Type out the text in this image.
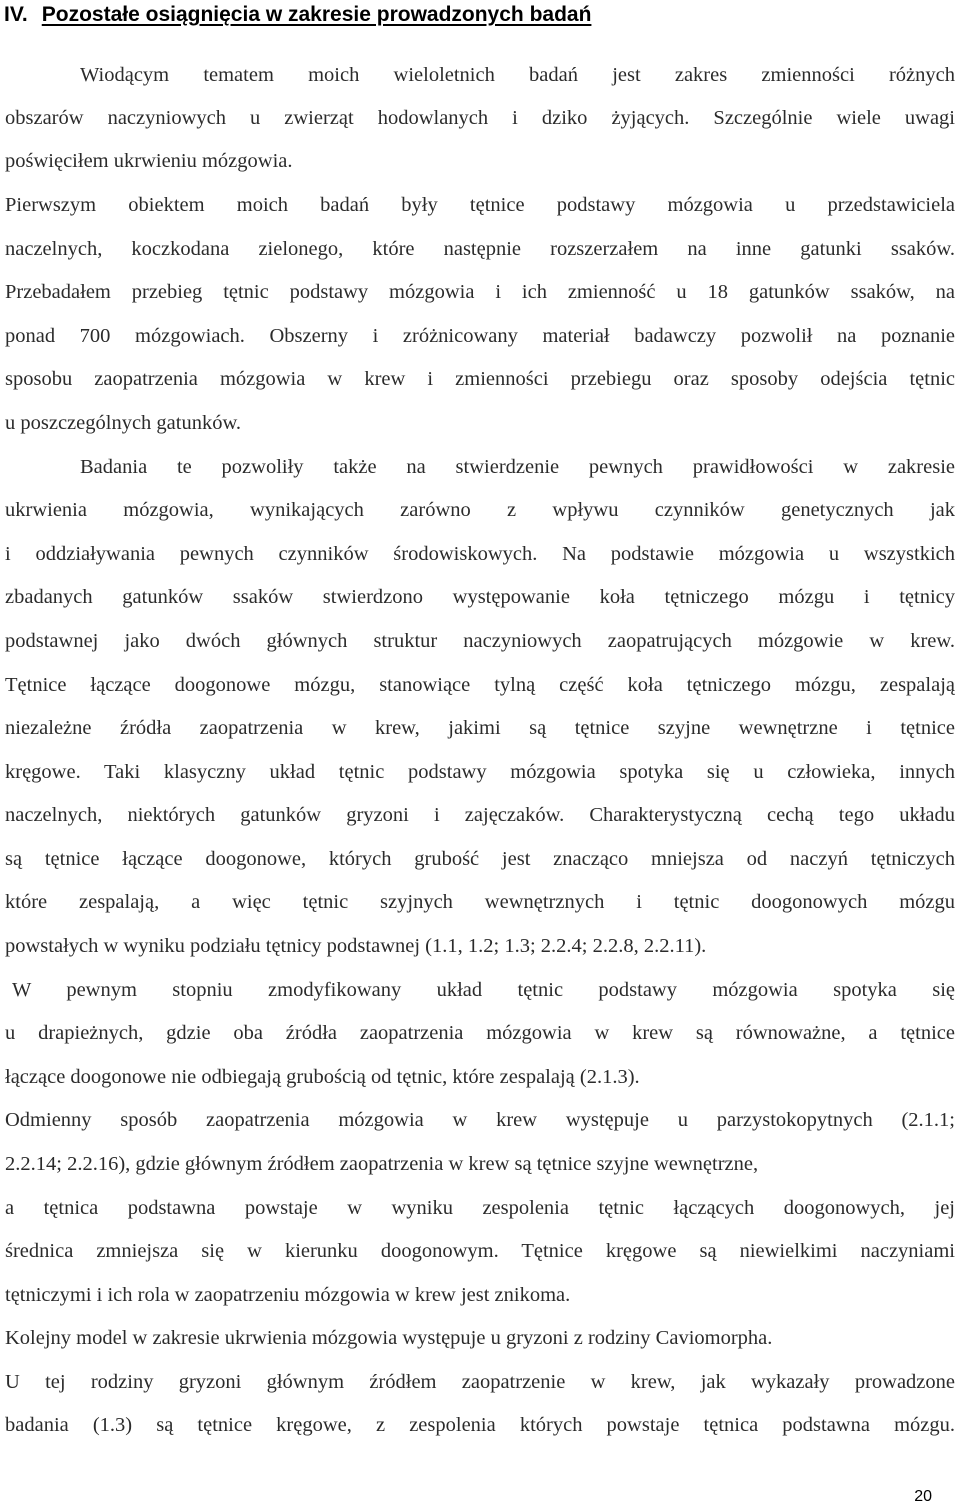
IV. Pozostałe osiągnięcia w zakresie prowadzonych badań

Wiodącym tematem moich wieloletnich badań jest zakres zmienności różnych

obszarów naczyniowych u zwierząt hodowlanych i dziko żyjących. Szczególnie wiele uwagi

poświęciłem ukrwieniu mózgowia.

Pierwszym obiektem moich badań były tętnice podstawy mózgowia u przedstawiciela

naczelnych, koczkodana zielonego, które następnie rozszerzałem na inne gatunki ssaków.

Przebadałem przebieg tętnic podstawy mózgowia i ich zmienność u 18 gatunków ssaków, na

ponad 700 mózgowiach. Obszerny i zróżnicowany materiał badawczy pozwolił na poznanie

sposobu zaopatrzenia mózgowia w krew i zmienności przebiegu oraz sposoby odejścia tętnic

u poszczególnych gatunków.

Badania te pozwoliły także na stwierdzenie pewnych prawidłowości w zakresie

ukrwienia mózgowia, wynikających zarówno z wpływu czynników genetycznych jak

i oddziaływania pewnych czynników środowiskowych. Na podstawie mózgowia u wszystkich

zbadanych gatunków ssaków stwierdzono występowanie koła tętniczego mózgu i tętnicy

podstawnej jako dwóch głównych struktur naczyniowych zaopatrujących mózgowie w krew.

Tętnice łączące doogonowe mózgu, stanowiące tylną część koła tętniczego mózgu, zespalają

niezależne źródła zaopatrzenia w krew, jakimi są tętnice szyjne wewnętrzne i tętnice

kręgowe. Taki klasyczny układ tętnic podstawy mózgowia spotyka się u człowieka, innych

naczelnych, niektórych gatunków gryzoni i zajęczaków. Charakterystyczną cechą tego układu

są tętnice łączące doogonowe, których grubość jest znacząco mniejsza od naczyń tętniczych

które zespalają, a więc tętnic szyjnych wewnętrznych i tętnic doogonowych mózgu

powstałych w wyniku podziału tętnicy podstawnej (1.1, 1.2; 1.3; 2.2.4; 2.2.8, 2.2.11).

W pewnym stopniu zmodyfikowany układ tętnic podstawy mózgowia spotyka się

u drapieżnych, gdzie oba źródła zaopatrzenia mózgowia w krew są równoważne, a tętnice

łączące doogonowe nie odbiegają grubością od tętnic, które zespalają (2.1.3).

Odmienny sposób zaopatrzenia mózgowia w krew występuje u parzystokopytnych (2.1.1;

2.2.14; 2.2.16), gdzie głównym źródłem zaopatrzenia w krew są tętnice szyjne wewnętrzne,

a tętnica podstawna powstaje w wyniku zespolenia tętnic łączących doogonowych, jej

średnica zmniejsza się w kierunku doogonowym. Tętnice kręgowe są niewielkimi naczyniami

tętniczymi i ich rola w zaopatrzeniu mózgowia w krew jest znikoma.

Kolejny model w zakresie ukrwienia mózgowia występuje u gryzoni z rodziny Caviomorpha.

U tej rodziny gryzoni głównym źródłem zaopatrzenie w krew, jak wykazały prowadzone

badania (1.3) są tętnice kręgowe, z zespolenia których powstaje tętnica podstawna mózgu.

20
